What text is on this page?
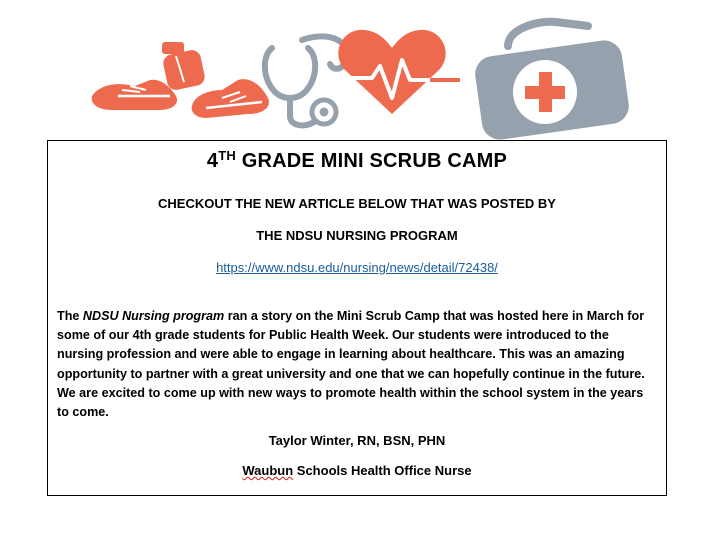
4TH GRADE MINI SCRUB CAMP
CHECKOUT THE NEW ARTICLE BELOW THAT WAS POSTED BY
THE NDSU NURSING PROGRAM
https://www.ndsu.edu/nursing/news/detail/72438/
The NDSU Nursing program ran a story on the Mini Scrub Camp that was hosted here in March for some of our 4th grade students for Public Health Week. Our students were introduced to the nursing profession and were able to engage in learning about healthcare. This was an amazing opportunity to partner with a great university and one that we can hopefully continue in the future. We are excited to come up with new ways to promote health within the school system in the years to come.
Taylor Winter, RN, BSN, PHN
Waubun Schools Health Office Nurse
